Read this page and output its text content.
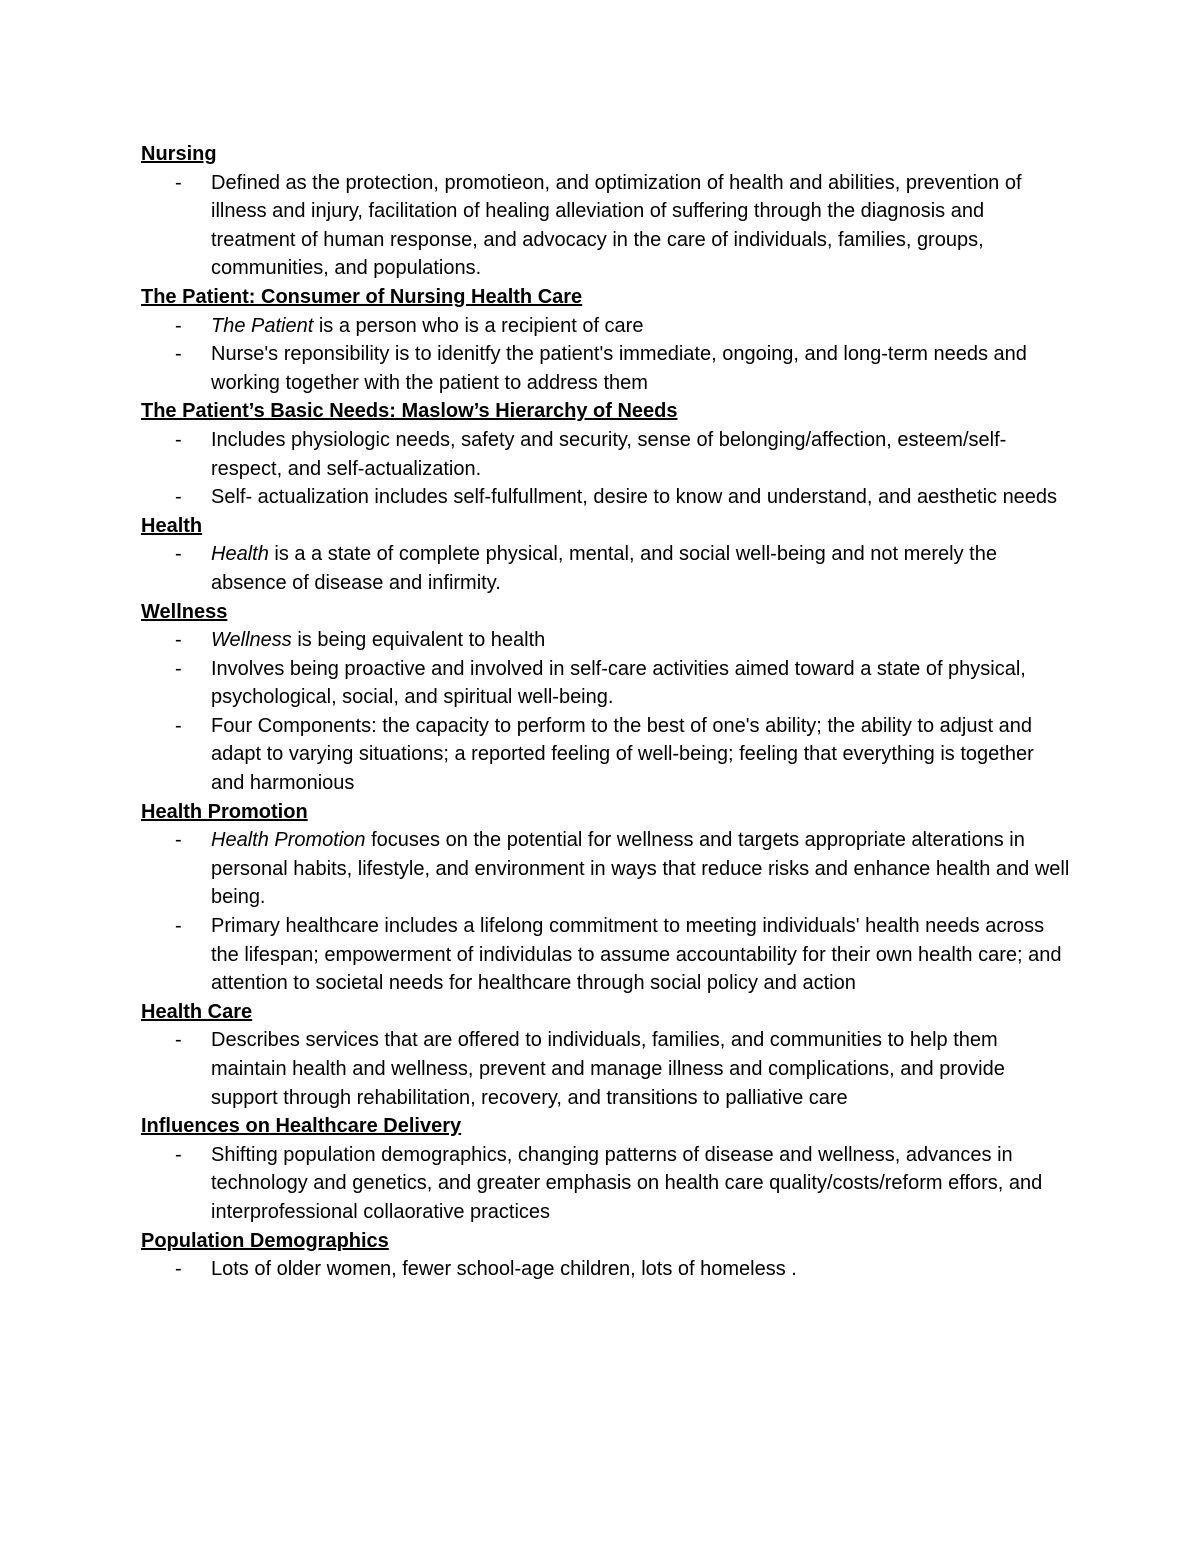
Nursing

- Defined as the protection, promotieon, and optimization of health and abilities, prevention of illness and injury, facilitation of healing alleviation of suffering through the diagnosis and treatment of human response, and advocacy in the care of individuals, families, groups, communities, and populations.

The Patient: Consumer of Nursing Health Care

- The Patient is a person who is a recipient of care
- Nurse's reponsibility is to idenitfy the patient's immediate, ongoing, and long-term needs and working together with the patient to address them

The Patient’s Basic Needs: Maslow’s Hierarchy of Needs

- Includes physiologic needs, safety and security, sense of belonging/affection, esteem/self-respect, and self-actualization.
- Self- actualization includes self-fulfullment, desire to know and understand, and aesthetic needs

Health

- Health is a a state of complete physical, mental, and social well-being and not merely the absence of disease and infirmity.

Wellness

- Wellness is being equivalent to health
- Involves being proactive and involved in self-care activities aimed toward a state of physical, psychological, social, and spiritual well-being.
- Four Components: the capacity to perform to the best of one's ability; the ability to adjust and adapt to varying situations; a reported feeling of well-being; feeling that everything is together and harmonious

Health Promotion

- Health Promotion focuses on the potential for wellness and targets appropriate alterations in personal habits, lifestyle, and environment in ways that reduce risks and enhance health and well being.
- Primary healthcare includes a lifelong commitment to meeting individuals' health needs across the lifespan; empowerment of individulas to assume accountability for their own health care; and attention to societal needs for healthcare through social policy and action

Health Care

- Describes services that are offered to individuals, families, and communities to help them maintain health and wellness, prevent and manage illness and complications, and provide support through rehabilitation, recovery, and transitions to palliative care

Influences on Healthcare Delivery

- Shifting population demographics, changing patterns of disease and wellness, advances in technology and genetics, and greater emphasis on health care quality/costs/reform effors, and interprofessional collaorative practices

Population Demographics

- Lots of older women, fewer school-age children, lots of homeless .
